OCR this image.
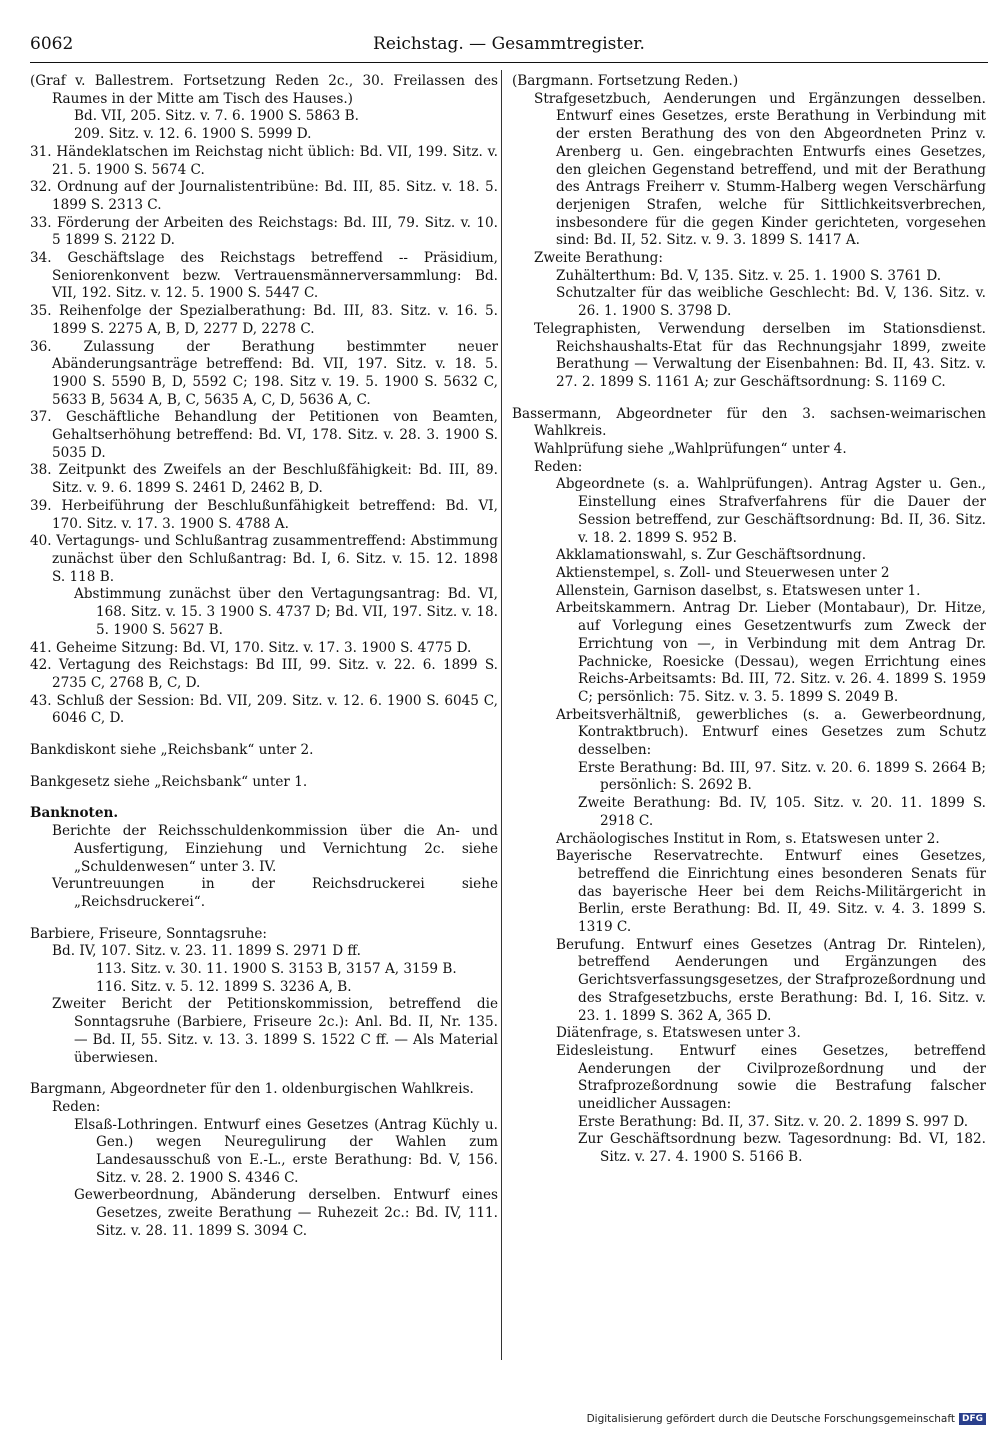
6062	Reichstag. — Gesammtregister.

(Graf v. Ballestrem. Fortsetzung Reden 2c., 30. Freilassen des Raumes in der Mitte am Tisch des Hauses.)

Bd. VII, 205. Sitz. v. 7. 6. 1900 S. 5863 B.

209. Sitz. v. 12. 6. 1900 S. 5999 D.

31. Händeklatschen im Reichstag nicht üblich: Bd. VII, 199. Sitz. v. 21. 5. 1900 S. 5674 C.

32. Ordnung auf der Journalistentribüne: Bd. III, 85. Sitz. v. 18. 5. 1899 S. 2313 C.

33. Förderung der Arbeiten des Reichstags: Bd. III, 79. Sitz. v. 10. 5 1899 S. 2122 D.

34. Geschäftslage des Reichstags betreffend -- Präsidium, Seniorenkonvent bezw. Vertrauensmännerversammlung: Bd. VII, 192. Sitz. v. 12. 5. 1900 S. 5447 C.

35. Reihenfolge der Spezialberathung: Bd. III, 83. Sitz. v. 16. 5. 1899 S. 2275 A, B, D, 2277 D, 2278 C.

36. Zulassung der Berathung bestimmter neuer Abänderungsanträge betreffend: Bd. VII, 197. Sitz. v. 18. 5. 1900 S. 5590 B, D, 5592 C; 198. Sitz v. 19. 5. 1900 S. 5632 C, 5633 B, 5634 A, B, C, 5635 A, C, D, 5636 A, C.

37. Geschäftliche Behandlung der Petitionen von Beamten, Gehaltserhöhung betreffend: Bd. VI, 178. Sitz. v. 28. 3. 1900 S. 5035 D.

38. Zeitpunkt des Zweifels an der Beschlußfähigkeit: Bd. III, 89. Sitz. v. 9. 6. 1899 S. 2461 D, 2462 B, D.

39. Herbeiführung der Beschlußunfähigkeit betreffend: Bd. VI, 170. Sitz. v. 17. 3. 1900 S. 4788 A.

40. Vertagungs- und Schlußantrag zusammentreffend: Abstimmung zunächst über den Schlußantrag: Bd. I, 6. Sitz. v. 15. 12. 1898 S. 118 B.

Abstimmung zunächst über den Vertagungsantrag: Bd. VI, 168. Sitz. v. 15. 3 1900 S. 4737 D; Bd. VII, 197. Sitz. v. 18. 5. 1900 S. 5627 B.

41. Geheime Sitzung: Bd. VI, 170. Sitz. v. 17. 3. 1900 S. 4775 D.

42. Vertagung des Reichstags: Bd III, 99. Sitz. v. 22. 6. 1899 S. 2735 C, 2768 B, C, D.

43. Schluß der Session: Bd. VII, 209. Sitz. v. 12. 6. 1900 S. 6045 C, 6046 C, D.

Bankdiskont siehe „Reichsbank“ unter 2.

Bankgesetz siehe „Reichsbank“ unter 1.

Banknoten.

Berichte der Reichsschuldenkommission über die An- und Ausfertigung, Einziehung und Vernichtung 2c. siehe „Schuldenwesen“ unter 3. IV.

Veruntreuungen in der Reichsdruckerei siehe „Reichsdruckerei“.

Barbiere, Friseure, Sonntagsruhe:

Bd. IV, 107. Sitz. v. 23. 11. 1899 S. 2971 D ff.

113. Sitz. v. 30. 11. 1900 S. 3153 B, 3157 A, 3159 B.

116. Sitz. v. 5. 12. 1899 S. 3236 A, B.

Zweiter Bericht der Petitionskommission, betreffend die Sonntagsruhe (Barbiere, Friseure 2c.): Anl. Bd. II, Nr. 135. — Bd. II, 55. Sitz. v. 13. 3. 1899 S. 1522 C ff. — Als Material überwiesen.

Bargmann, Abgeordneter für den 1. oldenburgischen Wahlkreis.

Reden:

Elsaß-Lothringen. Entwurf eines Gesetzes (Antrag Küchly u. Gen.) wegen Neuregulirung der Wahlen zum Landesausschuß von E.-L., erste Berathung: Bd. V, 156. Sitz. v. 28. 2. 1900 S. 4346 C.

Gewerbeordnung, Abänderung derselben. Entwurf eines Gesetzes, zweite Berathung — Ruhezeit 2c.: Bd. IV, 111. Sitz. v. 28. 11. 1899 S. 3094 C.

(Bargmann. Fortsetzung Reden.)

Strafgesetzbuch, Aenderungen und Ergänzungen desselben. Entwurf eines Gesetzes, erste Berathung in Verbindung mit der ersten Berathung des von den Abgeordneten Prinz v. Arenberg u. Gen. eingebrachten Entwurfs eines Gesetzes, den gleichen Gegenstand betreffend, und mit der Berathung des Antrags Freiherr v. Stumm-Halberg wegen Verschärfung derjenigen Strafen, welche für Sittlichkeitsverbrechen, insbesondere für die gegen Kinder gerichteten, vorgesehen sind: Bd. II, 52. Sitz. v. 9. 3. 1899 S. 1417 A.

Zweite Berathung:

Zuhälterthum: Bd. V, 135. Sitz. v. 25. 1. 1900 S. 3761 D.

Schutzalter für das weibliche Geschlecht: Bd. V, 136. Sitz. v. 26. 1. 1900 S. 3798 D.

Telegraphisten, Verwendung derselben im Stationsdienst. Reichshaushalts-Etat für das Rechnungsjahr 1899, zweite Berathung — Verwaltung der Eisenbahnen: Bd. II, 43. Sitz. v. 27. 2. 1899 S. 1161 A; zur Geschäftsordnung: S. 1169 C.

Bassermann, Abgeordneter für den 3. sachsen-weimarischen Wahlkreis.

Wahlprüfung siehe „Wahlprüfungen“ unter 4.

Reden:

Abgeordnete (s. a. Wahlprüfungen). Antrag Agster u. Gen., Einstellung eines Strafverfahrens für die Dauer der Session betreffend, zur Geschäftsordnung: Bd. II, 36. Sitz. v. 18. 2. 1899 S. 952 B.

Akklamationswahl, s. Zur Geschäftsordnung.

Aktienstempel, s. Zoll- und Steuerwesen unter 2

Allenstein, Garnison daselbst, s. Etatswesen unter 1.

Arbeitskammern. Antrag Dr. Lieber (Montabaur), Dr. Hitze, auf Vorlegung eines Gesetzentwurfs zum Zweck der Errichtung von —, in Verbindung mit dem Antrag Dr. Pachnicke, Roesicke (Dessau), wegen Errichtung eines Reichs-Arbeitsamts: Bd. III, 72. Sitz. v. 26. 4. 1899 S. 1959 C; persönlich: 75. Sitz. v. 3. 5. 1899 S. 2049 B.

Arbeitsverhältniß, gewerbliches (s. a. Gewerbeordnung, Kontraktbruch). Entwurf eines Gesetzes zum Schutz desselben:

Erste Berathung: Bd. III, 97. Sitz. v. 20. 6. 1899 S. 2664 B; persönlich: S. 2692 B.

Zweite Berathung: Bd. IV, 105. Sitz. v. 20. 11. 1899 S. 2918 C.

Archäologisches Institut in Rom, s. Etatswesen unter 2.

Bayerische Reservatrechte. Entwurf eines Gesetzes, betreffend die Einrichtung eines besonderen Senats für das bayerische Heer bei dem Reichs-Militärgericht in Berlin, erste Berathung: Bd. II, 49. Sitz. v. 4. 3. 1899 S. 1319 C.

Berufung. Entwurf eines Gesetzes (Antrag Dr. Rintelen), betreffend Aenderungen und Ergänzungen des Gerichtsverfassungsgesetzes, der Strafprozeßordnung und des Strafgesetzbuchs, erste Berathung: Bd. I, 16. Sitz. v. 23. 1. 1899 S. 362 A, 365 D.

Diätenfrage, s. Etatswesen unter 3.

Eidesleistung. Entwurf eines Gesetzes, betreffend Aenderungen der Civilprozeßordnung und der Strafprozeßordnung sowie die Bestrafung falscher uneidlicher Aussagen:

Erste Berathung: Bd. II, 37. Sitz. v. 20. 2. 1899 S. 997 D.

Zur Geschäftsordnung bezw. Tagesordnung: Bd. VI, 182. Sitz. v. 27. 4. 1900 S. 5166 B.

Digitalisierung gefördert durch die Deutsche Forschungsgemeinschaft DFG
